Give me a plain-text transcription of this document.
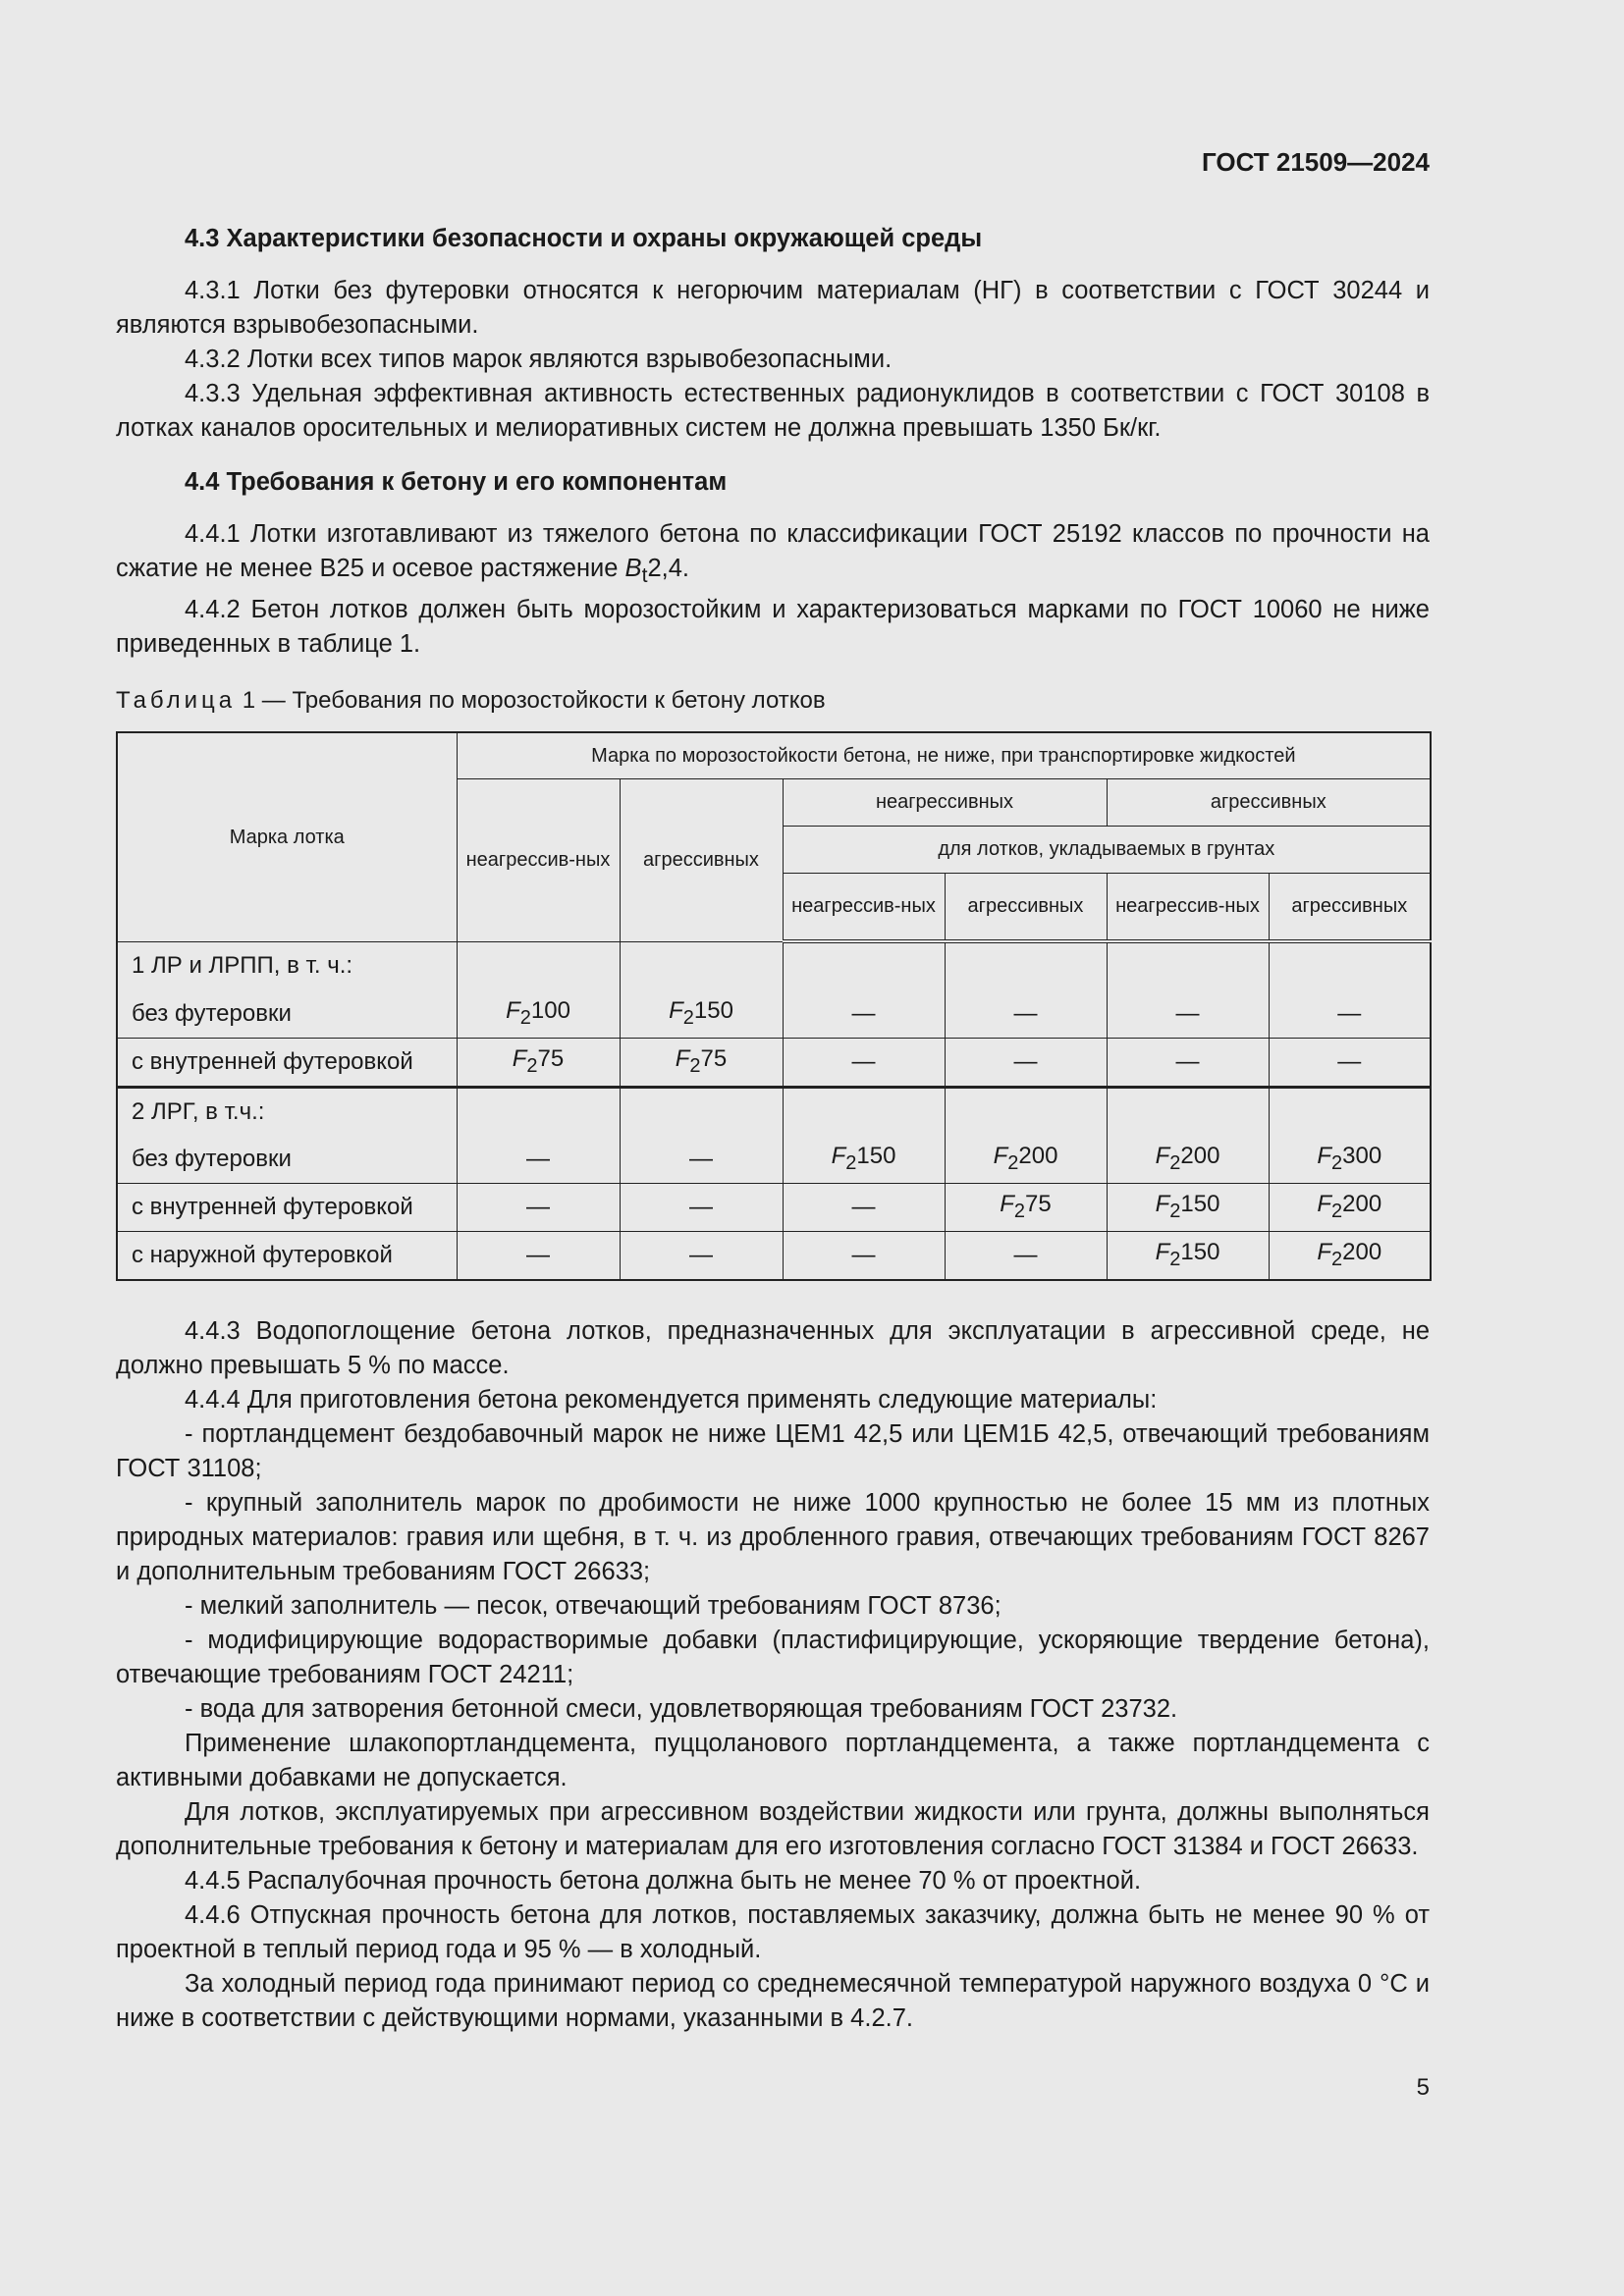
ГОСТ 21509—2024
4.3 Характеристики безопасности и охраны окружающей среды

4.3.1 Лотки без футеровки относятся к негорючим материалам (НГ) в соответствии с ГОСТ 30244 и являются взрывобезопасными.

4.3.2 Лотки всех типов марок являются взрывобезопасными.

4.3.3 Удельная эффективная активность естественных радионуклидов в соответствии с ГОСТ 30108 в лотках каналов оросительных и мелиоративных систем не должна превышать 1350 Бк/кг.

4.4 Требования к бетону и его компонентам

4.4.1 Лотки изготавливают из тяжелого бетона по классификации ГОСТ 25192 классов по прочности на сжатие не менее В25 и осевое растяжение $B_t2,4$.

4.4.2 Бетон лотков должен быть морозостойким и характеризоваться марками по ГОСТ 10060 не ниже приведенных в таблице 1.

Таблица 1 — Требования по морозостойкости к бетону лотков
Марка лотка	Марка по морозостойкости бетона, не ниже, при транспортировке жидкостей					
	неагрессив-ных	агрессивных	неагрессивных		агрессивных	
			для лотков, укладываемых в грунтах			
			неагрессив-ных	агрессивных	неагрессив-ных	агрессивных
1 ЛР и ЛРПП, в т. ч.:						
без футеровки	$F_2100$	$F_2150$	—	—	—	—
с внутренней футеровкой	$F_275$	$F_275$	—	—	—	—
2 ЛРГ, в т.ч.:						
без футеровки	—	—	$F_2150$	$F_2200$	$F_2200$	$F_2300$
с внутренней футеровкой	—	—	—	$F_275$	$F_2150$	$F_2200$
с наружной футеровкой	—	—	—	—	$F_2150$	$F_2200$

4.4.3 Водопоглощение бетона лотков, предназначенных для эксплуатации в агрессивной среде, не должно превышать 5 % по массе.

4.4.4 Для приготовления бетона рекомендуется применять следующие материалы:

- портландцемент бездобавочный марок не ниже ЦЕМ1 42,5 или ЦЕМ1Б 42,5, отвечающий требованиям ГОСТ 31108;

- крупный заполнитель марок по дробимости не ниже 1000 крупностью не более 15 мм из плотных природных материалов: гравия или щебня, в т. ч. из дробленного гравия, отвечающих требованиям ГОСТ 8267 и дополнительным требованиям ГОСТ 26633;

- мелкий заполнитель — песок, отвечающий требованиям ГОСТ 8736;

- модифицирующие водорастворимые добавки (пластифицирующие, ускоряющие твердение бетона), отвечающие требованиям ГОСТ 24211;

- вода для затворения бетонной смеси, удовлетворяющая требованиям ГОСТ 23732.

Применение шлакопортландцемента, пуццоланового портландцемента, а также портландцемента с активными добавками не допускается.

Для лотков, эксплуатируемых при агрессивном воздействии жидкости или грунта, должны выполняться дополнительные требования к бетону и материалам для его изготовления согласно ГОСТ 31384 и ГОСТ 26633.

4.4.5 Распалубочная прочность бетона должна быть не менее 70 % от проектной.

4.4.6 Отпускная прочность бетона для лотков, поставляемых заказчику, должна быть не менее 90 % от проектной в теплый период года и 95 % — в холодный.

За холодный период года принимают период со среднемесячной температурой наружного воздуха 0 °C и ниже в соответствии с действующими нормами, указанными в 4.2.7.

5
